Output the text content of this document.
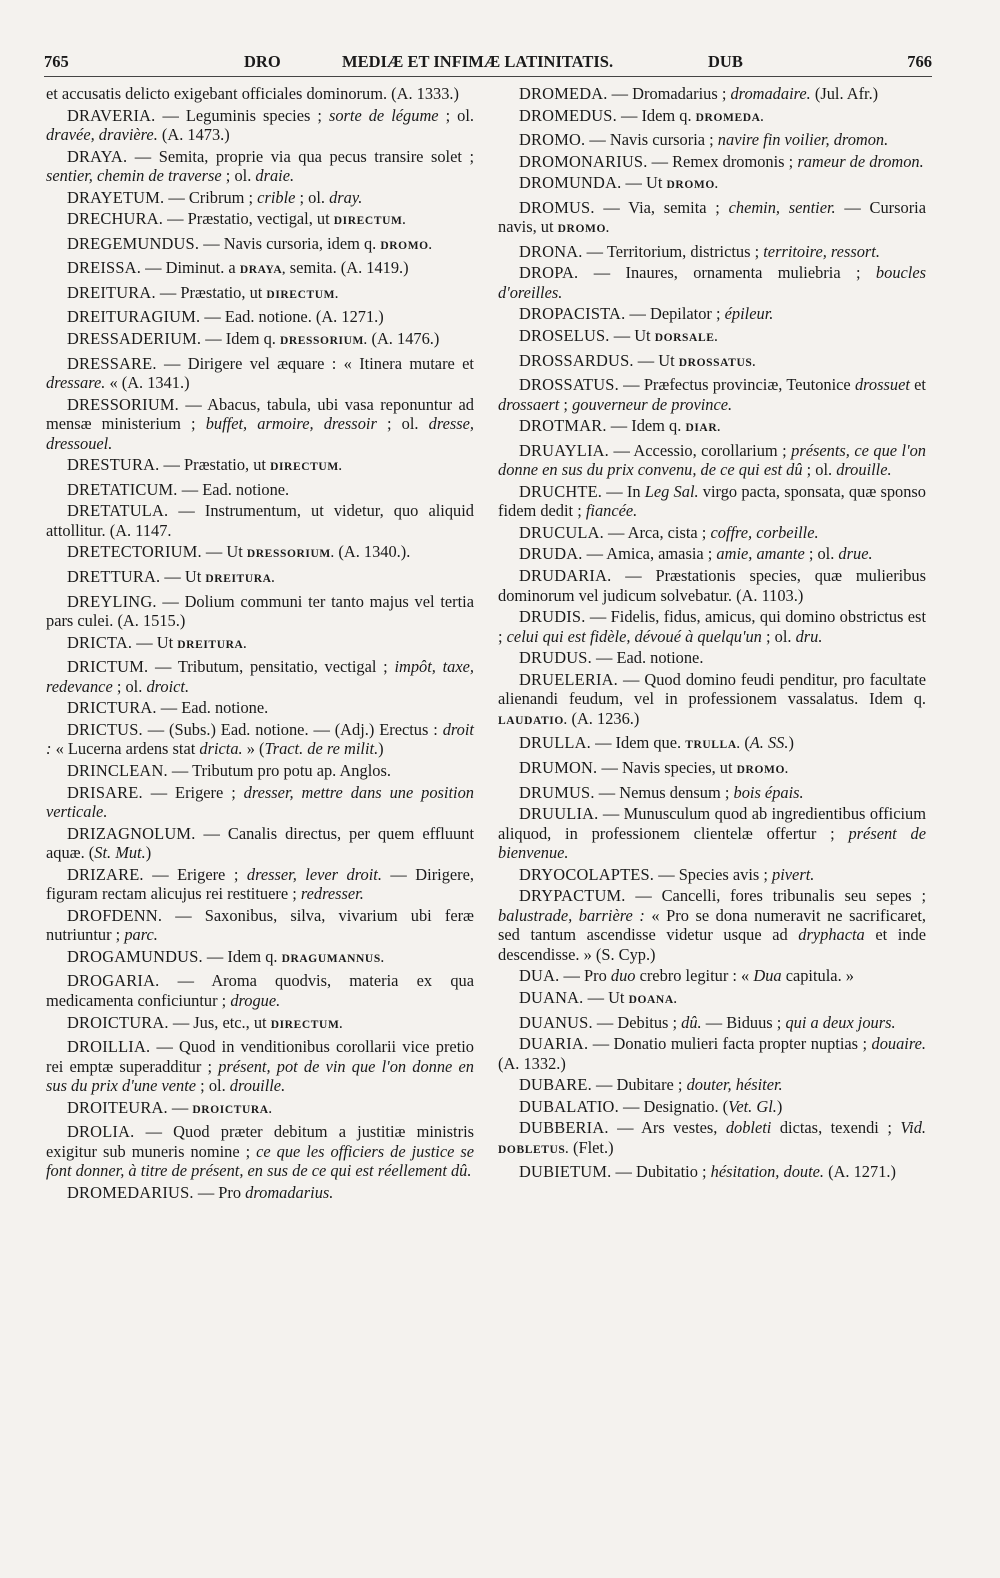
765	DRO	MEDIÆ ET INFIMÆ LATINITATIS.	DUB	766

et accusatis delicto exigebant officiales dominorum. (A. 1333.)

DRAVERIA. — Leguminis species ; sorte de légume ; ol. dravée, dravière. (A. 1473.)

DRAYA. — Semita, proprie via qua pecus transire solet ; sentier, chemin de traverse ; ol. draie.

DRAYETUM. — Cribrum ; crible ; ol. dray.

DRECHURA. — Præstatio, vectigal, ut DIRECTUM.

DREGEMUNDUS. — Navis cursoria, idem q. DROMO.

DREISSA. — Diminut. a DRAYA, semita. (A. 1419.)

DREITURA. — Præstatio, ut DIRECTUM.

DREITURAGIUM. — Ead. notione. (A. 1271.)

DRESSADERIUM. — Idem q. DRESSORIUM. (A. 1476.)

DRESSARE. — Dirigere vel æquare : « Itinera mutare et dressare. « (A. 1341.)

DRESSORIUM. — Abacus, tabula, ubi vasa reponuntur ad mensæ ministerium ; buffet, armoire, dressoir ; ol. dresse, dressouel.

DRESTURA. — Præstatio, ut DIRECTUM.

DRETATICUM. — Ead. notione.

DRETATULA. — Instrumentum, ut videtur, quo aliquid attollitur. (A. 1147.

DRETECTORIUM. — Ut DRESSORIUM. (A. 1340.).

DRETTURA. — Ut DREITURA.

DREYLING. — Dolium communi ter tanto majus vel tertia pars culei. (A. 1515.)

DRICTA. — Ut DREITURA.

DRICTUM. — Tributum, pensitatio, vectigal ; impôt, taxe, redevance ; ol. droict.

DRICTURA. — Ead. notione.

DRICTUS. — (Subs.) Ead. notione. — (Adj.) Erectus : droit : « Lucerna ardens stat dricta. » (Tract. de re milit.)

DRINCLEAN. — Tributum pro potu ap. Anglos.

DRISARE. — Erigere ; dresser, mettre dans une position verticale.

DRIZAGNOLUM. — Canalis directus, per quem effluunt aquæ. (St. Mut.)

DRIZARE. — Erigere ; dresser, lever droit. — Dirigere, figuram rectam alicujus rei restituere ; redresser.

DROFDENN. — Saxonibus, silva, vivarium ubi feræ nutriuntur ; parc.

DROGAMUNDUS. — Idem q. DRAGUMANNUS.

DROGARIA. — Aroma quodvis, materia ex qua medicamenta conficiuntur ; drogue.

DROICTURA. — Jus, etc., ut DIRECTUM.

DROILLIA. — Quod in venditionibus corollarii vice pretio rei emptæ superadditur ; présent, pot de vin que l'on donne en sus du prix d'une vente ; ol. drouille.

DROITEURA. — DROICTURA.

DROLIA. — Quod præter debitum a justitiæ ministris exigitur sub muneris nomine ; ce que les officiers de justice se font donner, à titre de présent, en sus de ce qui est réellement dû.

DROMEDARIUS. — Pro dromadarius.

DROMEDA. — Dromadarius ; dromadaire. (Jul. Afr.)

DROMEDUS. — Idem q. DROMEDA.

DROMO. — Navis cursoria ; navire fin voilier, dromon.

DROMONARIUS. — Remex dromonis ; rameur de dromon.

DROMUNDA. — Ut DROMO.

DROMUS. — Via, semita ; chemin, sentier. — Cursoria navis, ut DROMO.

DRONA. — Territorium, districtus ; territoire, ressort.

DROPA. — Inaures, ornamenta muliebria ; boucles d'oreilles.

DROPACISTA. — Depilator ; épileur.

DROSELUS. — Ut DORSALE.

DROSSARDUS. — Ut DROSSATUS.

DROSSATUS. — Præfectus provinciæ, Teutonice drossuet et drossaert ; gouverneur de province.

DROTMAR. — Idem q. DIAR.

DRUAYLIA. — Accessio, corollarium ; présents, ce que l'on donne en sus du prix convenu, de ce qui est dû ; ol. drouille.

DRUCHTE. — In Leg Sal. virgo pacta, sponsata, quæ sponso fidem dedit ; fiancée.

DRUCULA. — Arca, cista ; coffre, corbeille.

DRUDA. — Amica, amasia ; amie, amante ; ol. drue.

DRUDARIA. — Præstationis species, quæ mulieribus dominorum vel judicum solvebatur. (A. 1103.)

DRUDIS. — Fidelis, fidus, amicus, qui domino obstrictus est ; celui qui est fidèle, dévoué à quelqu'un ; ol. dru.

DRUDUS. — Ead. notione.

DRUELERIA. — Quod domino feudi penditur, pro facultate alienandi feudum, vel in professionem vassalatus. Idem q. LAUDATIO. (A. 1236.)

DRULLA. — Idem que. TRULLA. (A. SS.)

DRUMON. — Navis species, ut DROMO.

DRUMUS. — Nemus densum ; bois épais.

DRUULIA. — Munusculum quod ab ingredientibus officium aliquod, in professionem clientelæ offertur ; présent de bienvenue.

DRYOCOLAPTES. — Species avis ; pivert.

DRYPACTUM. — Cancelli, fores tribunalis seu sepes ; balustrade, barrière : « Pro se dona numeravit ne sacrificaret, sed tantum ascendisse videtur usque ad dryphacta et inde descendisse. » (S. Cyp.)

DUA. — Pro duo crebro legitur : « Dua capitula. »

DUANA. — Ut DOANA.

DUANUS. — Debitus ; dû. — Biduus ; qui a deux jours.

DUARIA. — Donatio mulieri facta propter nuptias ; douaire. (A. 1332.)

DUBARE. — Dubitare ; douter, hésiter.

DUBALATIO. — Designatio. (Vet. Gl.)

DUBBERIA. — Ars vestes, dobleti dictas, texendi ; Vid. DOBLETUS. (Flet.)

DUBIETUM. — Dubitatio ; hésitation, doute. (A. 1271.)
